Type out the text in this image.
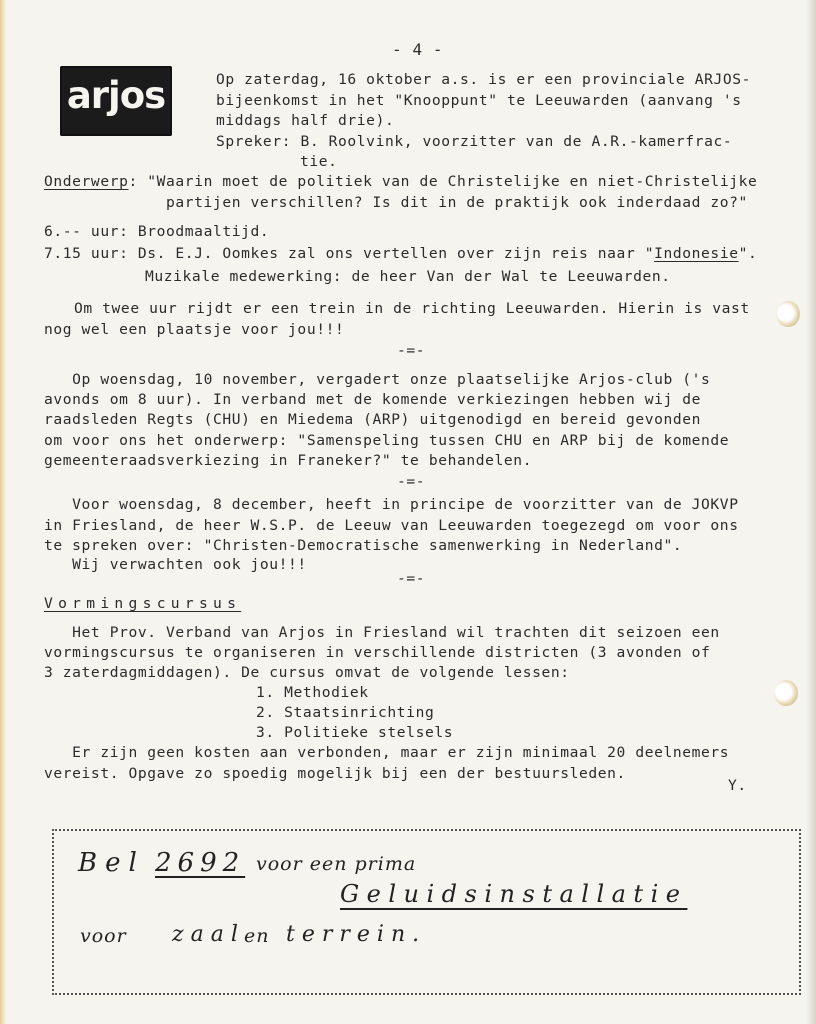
- 4 -
arjos	Op zaterdag, 16 oktober a.s. is er een provinciale ARJOS-
bijeenkomst in het "Knooppunt" te Leeuwarden (aanvang 's
middags half drie).
Spreker: B. Roolvink, voorzitter van de A.R.-kamerfrac-
tie.
Onderwerp: "Waarin moet de politiek van de Christelijke en niet-Christelijke
partijen verschillen? Is dit in de praktijk ook inderdaad zo?"
6.-- uur: Broodmaaltijd.
7.15 uur: Ds. E.J. Oomkes zal ons vertellen over zijn reis naar "Indonesie".
Muzikale medewerking: de heer Van der Wal te Leeuwarden.
Om twee uur rijdt er een trein in de richting Leeuwarden. Hierin is vast
nog wel een plaatsje voor jou!!!
-=-
Op woensdag, 10 november, vergadert onze plaatselijke Arjos-club ('s
avonds om 8 uur). In verband met de komende verkiezingen hebben wij de
raadsleden Regts (CHU) en Miedema (ARP) uitgenodigd en bereid gevonden
om voor ons het onderwerp: "Samenspeling tussen CHU en ARP bij de komende
gemeenteraadsverkiezing in Franeker?" te behandelen.
-=-
Voor woensdag, 8 december, heeft in principe de voorzitter van de JOKVP
in Friesland, de heer W.S.P. de Leeuw van Leeuwarden toegezegd om voor ons
te spreken over: "Christen-Democratische samenwerking in Nederland".
Wij verwachten ook jou!!!
-=-
Vormingscursus
Het Prov. Verband van Arjos in Friesland wil trachten dit seizoen een
vormingscursus te organiseren in verschillende districten (3 avonden of
3 zaterdagmiddagen). De cursus omvat de volgende lessen:
1. Methodiek
2. Staatsinrichting
3. Politieke stelsels
Er zijn geen kosten aan verbonden, maar er zijn minimaal 20 deelnemers
vereist. Opgave zo spoedig mogelijk bij een der bestuursleden.
Y.
Bel 2692 voor een prima
Geluidsinstallatie
voor zaal en terrein.
